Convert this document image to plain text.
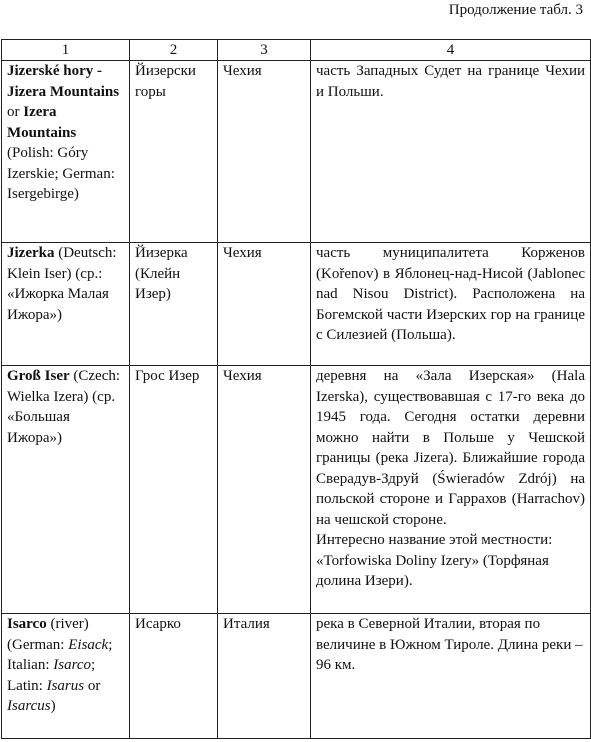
Продолжение табл. 3
1	2	3	4
Jizerské hory -Jizera Mountains or Izera Mountains (Polish: Góry Izerskie; German: Isergebirge)	Йизерски горы	Чехия	часть Западных Судет на границе Чехии и Польши.
Jizerka (Deutsch: Klein Iser) (ср.: «Ижорка Малая Ижора»)	Йизерка (Клейн Изер)	Чехия	часть муниципалитета Корженов (Kořenov) в Яблонец-над-Нисой (Jablonec nad Nisou District). Расположена на Богемской части Изерских гор на границе с Силезией (Польша).
Groß Iser (Czech: Wielka Izera) (ср. «Большая Ижора»)	Грос Изер	Чехия	деревня на «Зала Изерская» (Hala Izerska), существовавшая с 17-го века до 1945 года. Сегодня остатки деревни можно найти в Польше у Чешской границы (река Jizera). Ближайшие города Свeрадув-Здруй (Świeradów Zdrój) на польской стороне и Гаррахов (Harrachov) на чешской стороне.
Интересно название этой местности: «Torfowiska Doliny Izery» (Торфяная долина Изери).

Isarco (river) (German: Eisack; Italian: Isarco; Latin: Isarus or Isarcus)	Исарко	Италия	река в Северной Италии, вторая по величине в Южном Тироле. Длина реки – 96 км.
